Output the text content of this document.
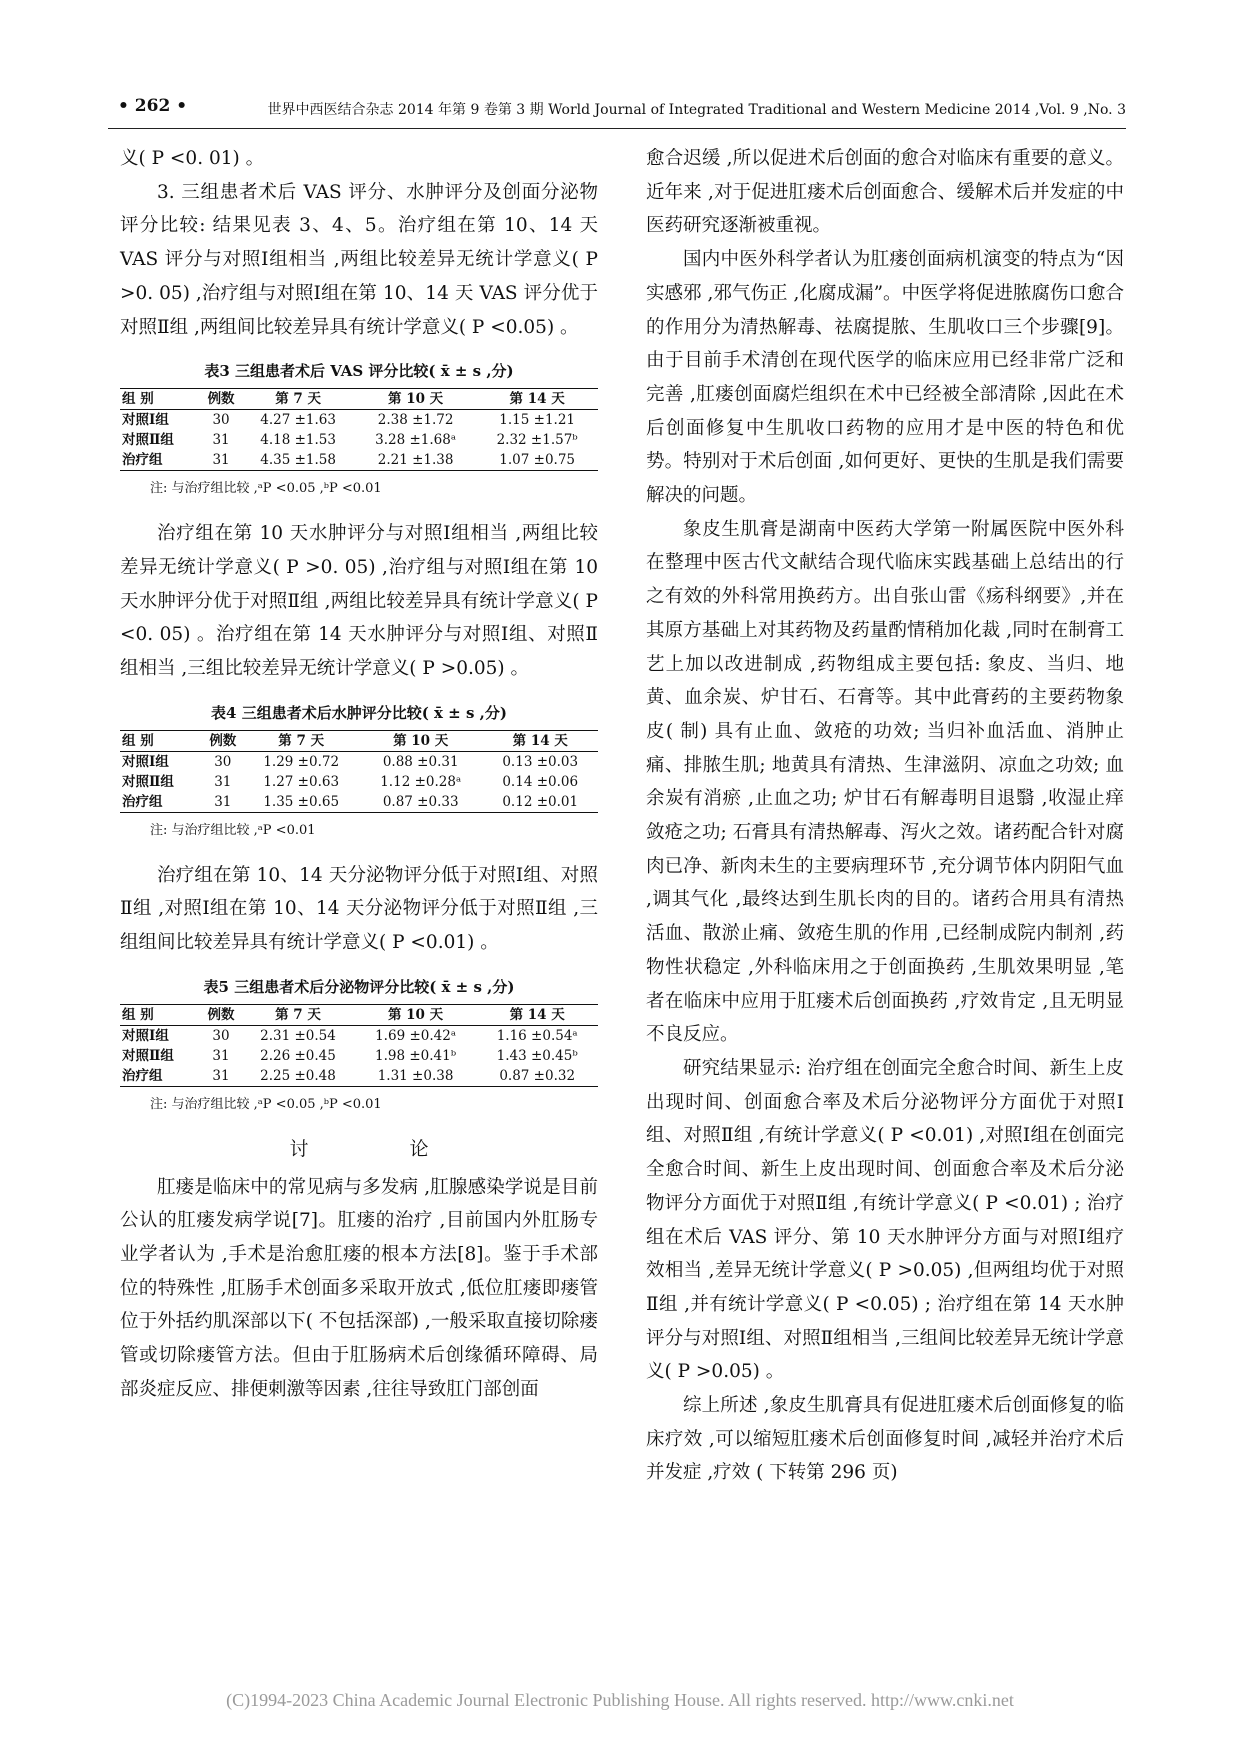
• 262 •	世界中西医结合杂志 2014 年第 9 卷第 3 期 World Journal of Integrated Traditional and Western Medicine 2014 ,Vol. 9 ,No. 3

义( P <0. 01) 。

3. 三组患者术后 VAS 评分、水肿评分及创面分泌物评分比较: 结果见表 3、4、5。治疗组在第 10、14 天 VAS 评分与对照Ⅰ组相当 ,两组比较差异无统计学意义( P >0. 05) ,治疗组与对照Ⅰ组在第 10、14 天 VAS 评分优于对照Ⅱ组 ,两组间比较差异具有统计学意义( P <0.05) 。

表3 三组患者术后 VAS 评分比较( x̄ ± s ,分)
组 别	例数	第 7 天	第 10 天	第 14 天
对照Ⅰ组	30	4.27 ±1.63	2.38 ±1.72	1.15 ±1.21
对照Ⅱ组	31	4.18 ±1.53	3.28 ±1.68ᵃ	2.32 ±1.57ᵇ
治疗组	31	4.35 ±1.58	2.21 ±1.38	1.07 ±0.75
注: 与治疗组比较 ,ᵃP <0.05 ,ᵇP <0.01

治疗组在第 10 天水肿评分与对照Ⅰ组相当 ,两组比较差异无统计学意义( P >0. 05) ,治疗组与对照Ⅰ组在第 10 天水肿评分优于对照Ⅱ组 ,两组比较差异具有统计学意义( P <0. 05) 。治疗组在第 14 天水肿评分与对照Ⅰ组、对照Ⅱ组相当 ,三组比较差异无统计学意义( P >0.05) 。

表4 三组患者术后水肿评分比较( x̄ ± s ,分)
组 别	例数	第 7 天	第 10 天	第 14 天
对照Ⅰ组	30	1.29 ±0.72	0.88 ±0.31	0.13 ±0.03
对照Ⅱ组	31	1.27 ±0.63	1.12 ±0.28ᵃ	0.14 ±0.06
治疗组	31	1.35 ±0.65	0.87 ±0.33	0.12 ±0.01
注: 与治疗组比较 ,ᵃP <0.01

治疗组在第 10、14 天分泌物评分低于对照Ⅰ组、对照Ⅱ组 ,对照Ⅰ组在第 10、14 天分泌物评分低于对照Ⅱ组 ,三组组间比较差异具有统计学意义( P <0.01) 。

表5 三组患者术后分泌物评分比较( x̄ ± s ,分)
组 别	例数	第 7 天	第 10 天	第 14 天
对照Ⅰ组	30	2.31 ±0.54	1.69 ±0.42ᵃ	1.16 ±0.54ᵃ
对照Ⅱ组	31	2.26 ±0.45	1.98 ±0.41ᵇ	1.43 ±0.45ᵇ
治疗组	31	2.25 ±0.48	1.31 ±0.38	0.87 ±0.32
注: 与治疗组比较 ,ᵃP <0.05 ,ᵇP <0.01
讨 论

肛瘘是临床中的常见病与多发病 ,肛腺感染学说是目前公认的肛瘘发病学说[7]。肛瘘的治疗 ,目前国内外肛肠专业学者认为 ,手术是治愈肛瘘的根本方法[8]。鉴于手术部位的特殊性 ,肛肠手术创面多采取开放式 ,低位肛瘘即瘘管位于外括约肌深部以下( 不包括深部) ,一般采取直接切除瘘管或切除瘘管方法。但由于肛肠病术后创缘循环障碍、局部炎症反应、排便刺激等因素 ,往往导致肛门部创面

愈合迟缓 ,所以促进术后创面的愈合对临床有重要的意义。近年来 ,对于促进肛瘘术后创面愈合、缓解术后并发症的中医药研究逐渐被重视。

国内中医外科学者认为肛瘘创面病机演变的特点为“因实感邪 ,邪气伤正 ,化腐成漏”。中医学将促进脓腐伤口愈合的作用分为清热解毒、祛腐提脓、生肌收口三个步骤[9]。由于目前手术清创在现代医学的临床应用已经非常广泛和完善 ,肛瘘创面腐烂组织在术中已经被全部清除 ,因此在术后创面修复中生肌收口药物的应用才是中医的特色和优势。特别对于术后创面 ,如何更好、更快的生肌是我们需要解决的问题。

象皮生肌膏是湖南中医药大学第一附属医院中医外科在整理中医古代文献结合现代临床实践基础上总结出的行之有效的外科常用换药方。出自张山雷《疡科纲要》,并在其原方基础上对其药物及药量酌情稍加化裁 ,同时在制膏工艺上加以改进制成 ,药物组成主要包括: 象皮、当归、地黄、血余炭、炉甘石、石膏等。其中此膏药的主要药物象皮( 制) 具有止血、敛疮的功效; 当归补血活血、消肿止痛、排脓生肌; 地黄具有清热、生津滋阴、凉血之功效; 血余炭有消瘀 ,止血之功; 炉甘石有解毒明目退翳 ,收湿止痒敛疮之功; 石膏具有清热解毒、泻火之效。诸药配合针对腐肉已净、新肉未生的主要病理环节 ,充分调节体内阴阳气血 ,调其气化 ,最终达到生肌长肉的目的。诸药合用具有清热活血、散淤止痛、敛疮生肌的作用 ,已经制成院内制剂 ,药物性状稳定 ,外科临床用之于创面换药 ,生肌效果明显 ,笔者在临床中应用于肛瘘术后创面换药 ,疗效肯定 ,且无明显不良反应。

研究结果显示: 治疗组在创面完全愈合时间、新生上皮出现时间、创面愈合率及术后分泌物评分方面优于对照Ⅰ组、对照Ⅱ组 ,有统计学意义( P <0.01) ,对照Ⅰ组在创面完全愈合时间、新生上皮出现时间、创面愈合率及术后分泌物评分方面优于对照Ⅱ组 ,有统计学意义( P <0.01) ; 治疗组在术后 VAS 评分、第 10 天水肿评分方面与对照Ⅰ组疗效相当 ,差异无统计学意义( P >0.05) ,但两组均优于对照Ⅱ组 ,并有统计学意义( P <0.05) ; 治疗组在第 14 天水肿评分与对照Ⅰ组、对照Ⅱ组相当 ,三组间比较差异无统计学意义( P >0.05) 。

综上所述 ,象皮生肌膏具有促进肛瘘术后创面修复的临床疗效 ,可以缩短肛瘘术后创面修复时间 ,减轻并治疗术后并发症 ,疗效 ( 下转第 296 页)

(C)1994-2023 China Academic Journal Electronic Publishing House. All rights reserved. http://www.cnki.net
